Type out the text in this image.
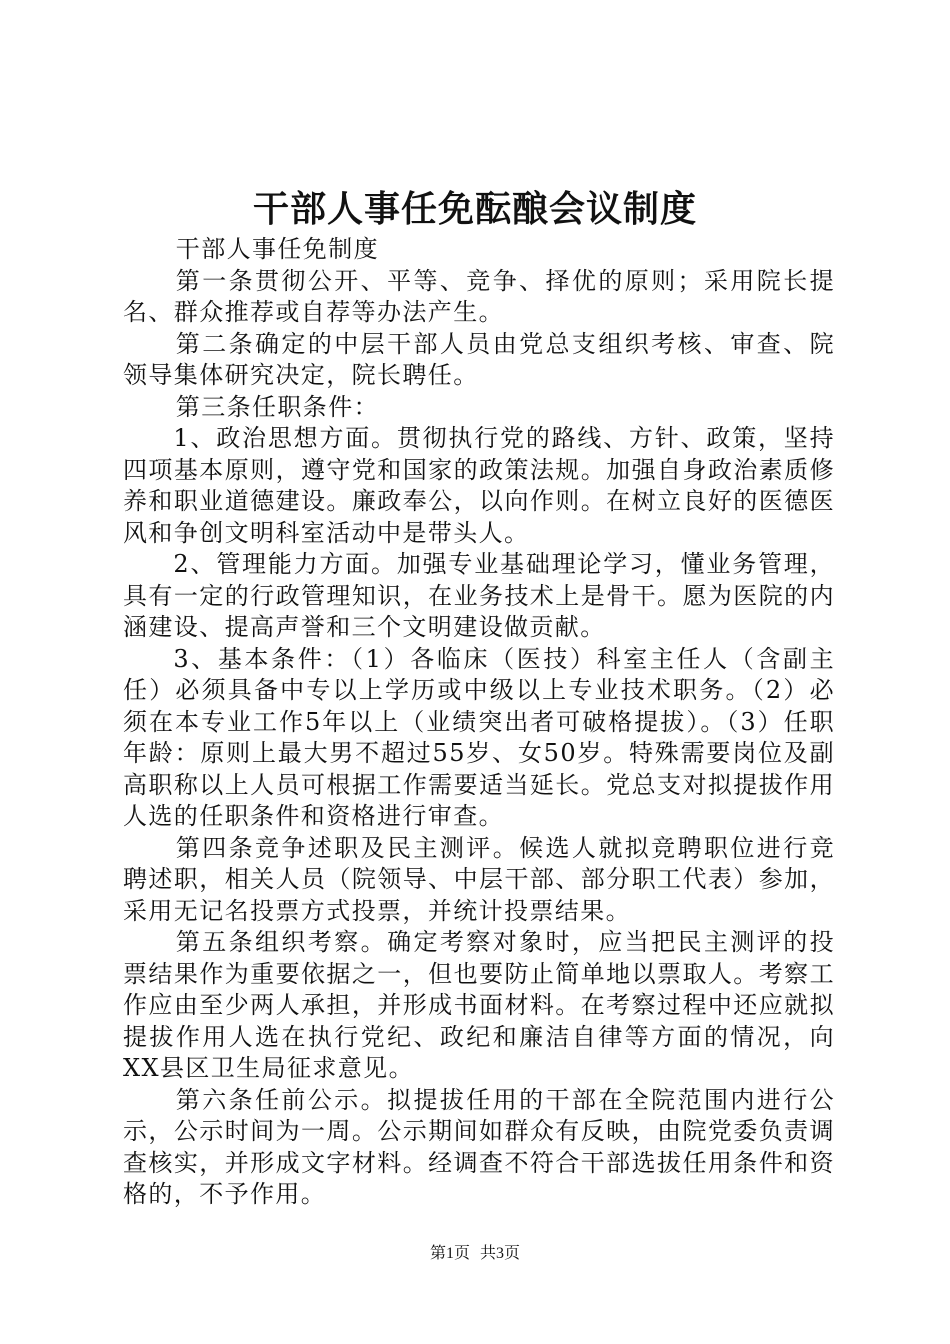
干部人事任免酝酿会议制度

干部人事任免制度

第一条贯彻公开、平等、竞争、择优的原则；采用院长提名、群众推荐或自荐等办法产生。

第二条确定的中层干部人员由党总支组织考核、审查、院领导集体研究决定，院长聘任。

第三条任职条件：

1、政治思想方面。贯彻执行党的路线、方针、政策，坚持四项基本原则，遵守党和国家的政策法规。加强自身政治素质修养和职业道德建设。廉政奉公，以向作则。在树立良好的医德医风和争创文明科室活动中是带头人。

2、管理能力方面。加强专业基础理论学习，懂业务管理，具有一定的行政管理知识，在业务技术上是骨干。愿为医院的内涵建设、提高声誉和三个文明建设做贡献。

3、基本条件：（1）各临床（医技）科室主任人（含副主任）必须具备中专以上学历或中级以上专业技术职务。（2）必须在本专业工作5年以上（业绩突出者可破格提拔）。（3）任职年龄：原则上最大男不超过55岁、女50岁。特殊需要岗位及副高职称以上人员可根据工作需要适当延长。党总支对拟提拔作用人选的任职条件和资格进行审查。

第四条竞争述职及民主测评。候选人就拟竞聘职位进行竞聘述职，相关人员（院领导、中层干部、部分职工代表）参加，采用无记名投票方式投票，并统计投票结果。

第五条组织考察。确定考察对象时，应当把民主测评的投票结果作为重要依据之一，但也要防止简单地以票取人。考察工作应由至少两人承担，并形成书面材料。在考察过程中还应就拟提拔作用人选在执行党纪、政纪和廉洁自律等方面的情况，向XX县区卫生局征求意见。

第六条任前公示。拟提拔任用的干部在全院范围内进行公示，公示时间为一周。公示期间如群众有反映，由院党委负责调查核实，并形成文字材料。经调查不符合干部选拔任用条件和资格的，不予作用。

第1页 共3页
